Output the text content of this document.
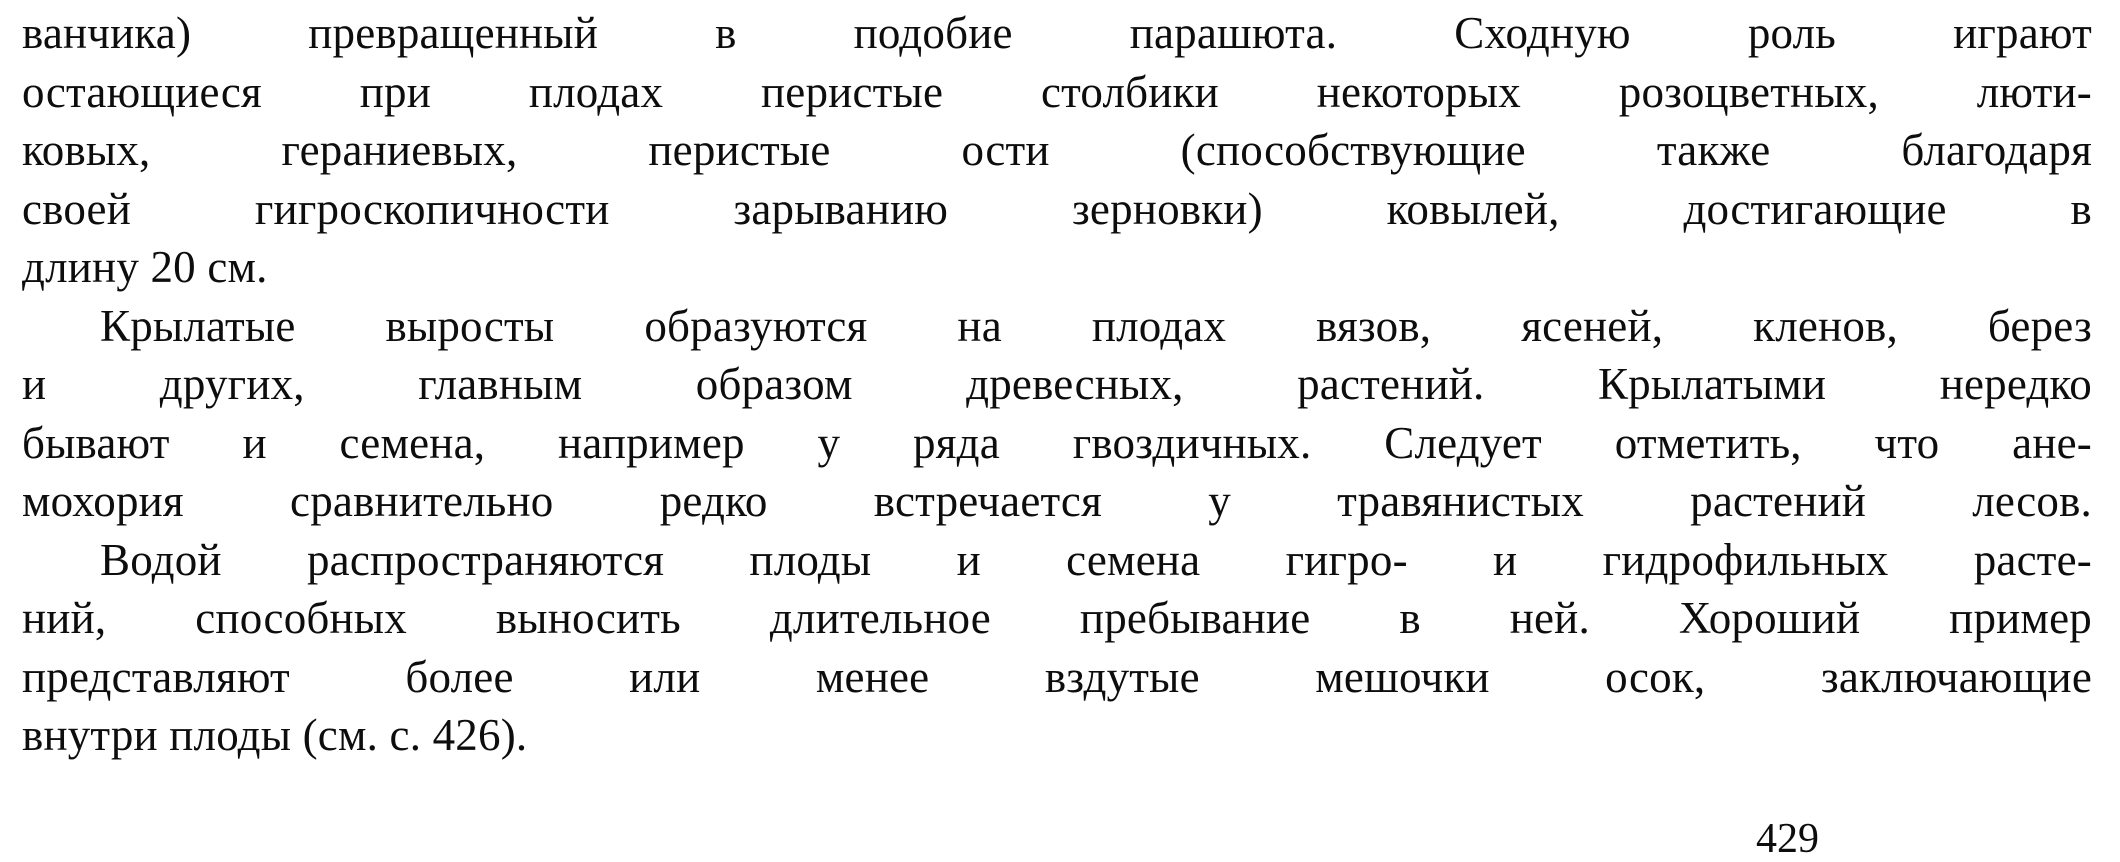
ванчика) превращенный в подобие парашюта. Сходную роль играют
остающиеся при плодах перистые столбики некоторых розоцветных, люти-
ковых, гераниевых, перистые ости (способствующие также благодаря
своей гигроскопичности зарыванию зерновки) ковылей, достигающие в
длину 20 см.
Крылатые выросты образуются на плодах вязов, ясеней, кленов, берез
и других, главным образом древесных, растений. Крылатыми нередко
бывают и семена, например у ряда гвоздичных. Следует отметить, что ане-
мохория сравнительно редко встречается у травянистых растений лесов.
Водой распространяются плоды и семена гигро- и гидрофильных расте-
ний, способных выносить длительное пребывание в ней. Хороший пример
представляют более или менее вздутые мешочки осок, заключающие
внутри плоды (см. с. 426).
429
